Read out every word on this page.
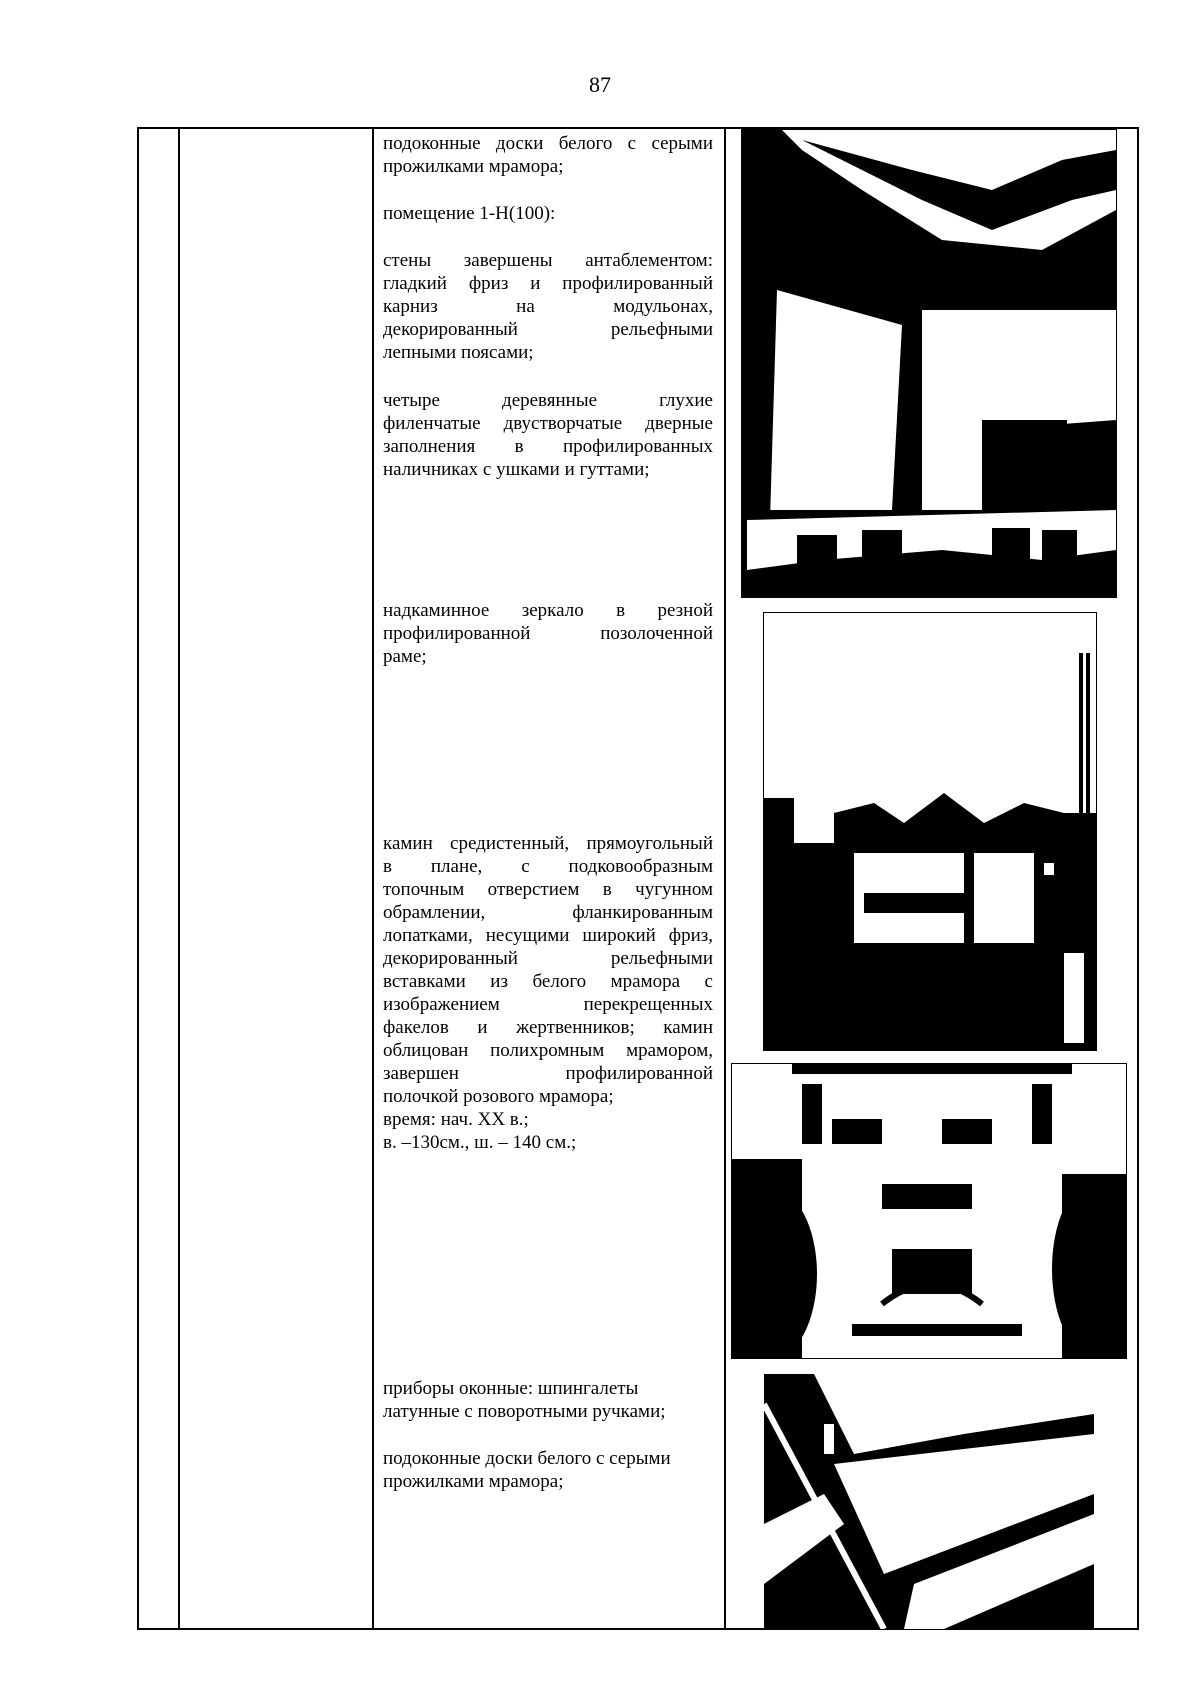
87

подоконные доски белого с серыми

прожилками мрамора;

помещение 1-Н(100):

стены завершены антаблементом:

гладкий фриз и профилированный

карниз на модульонах,

декорированный рельефными

лепными поясами;

четыре деревянные глухие

филенчатые двустворчатые дверные

заполнения в профилированных

наличниках с ушками и гуттами;

надкаминное зеркало в резной

профилированной позолоченной

раме;

камин средистенный, прямоугольный

в плане, с подковообразным

топочным отверстием в чугунном

обрамлении, фланкированным

лопатками, несущими широкий фриз,

декорированный рельефными

вставками из белого мрамора с

изображением перекрещенных

факелов и жертвенников; камин

облицован полихромным мрамором,

завершен профилированной

полочкой розового мрамора;

время: нач. XX в.;

в. –130см., ш. – 140 см.;

приборы оконные: шпингалеты

латунные с поворотными ручками;

подоконные доски белого с серыми

прожилками мрамора;
